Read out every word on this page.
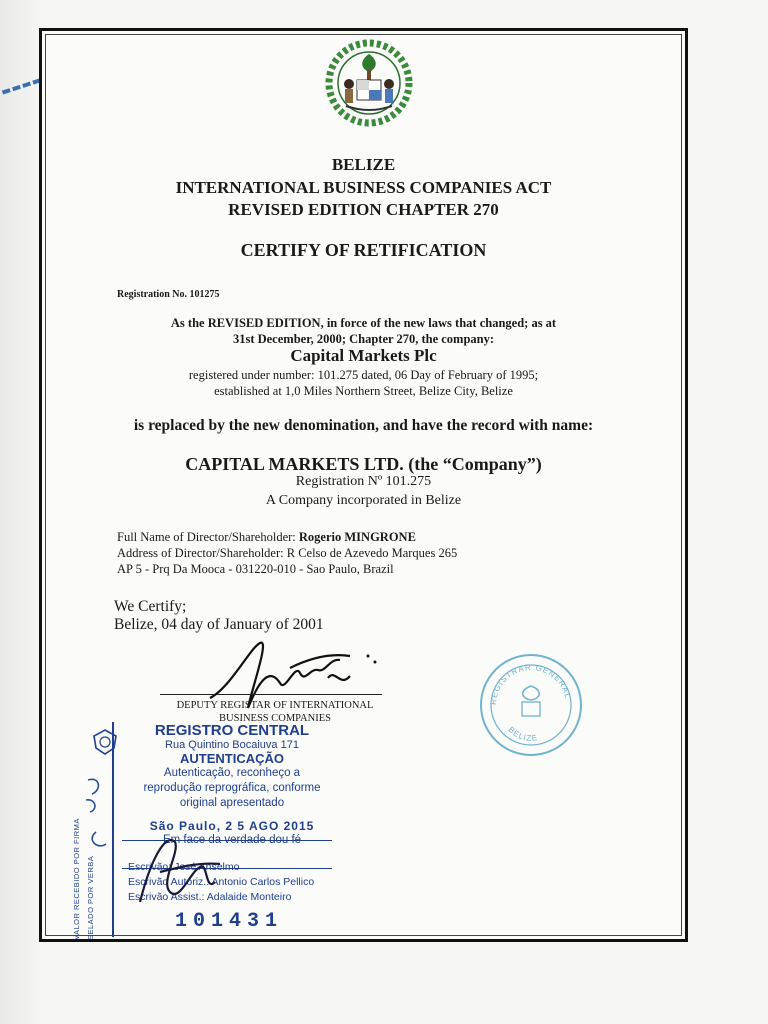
BELIZE
INTERNATIONAL BUSINESS COMPANIES ACT
REVISED EDITION CHAPTER 270
CERTIFY OF RETIFICATION
Registration No. 101275
As the REVISED EDITION, in force of the new laws that changed; as at
31st December, 2000; Chapter 270, the company:
Capital Markets Plc
registered under number: 101.275 dated, 06 Day of February of 1995;
established at 1,0 Miles Northern Street, Belize City, Belize
is replaced by the new denomination, and have the record with name:
CAPITAL MARKETS LTD. (the “Company”)
Registration Nº 101.275
A Company incorporated in Belize
Full Name of Director/Shareholder: Rogerio MINGRONE
Address of Director/Shareholder: R Celso de Azevedo Marques 265
AP 5 - Prq Da Mooca - 031220-010 - Sao Paulo, Brazil
We Certify;
Belize, 04 day of January of 2001
DEPUTY REGISTAR OF INTERNATIONAL
BUSINESS COMPANIES
REGISTRAR GENERAL
BELIZE
VALOR RECEBIDO POR FIRMA SELADO POR VERBA
REGISTRO CENTRAL
Rua Quintino Bocaiuva 171
AUTENTICAÇÃO
Autenticação, reconheço a
reprodução reprográfica, conforme
original apresentado
São Paulo, 2 5 AGO 2015
Em face da verdade dou fé
Escrivão: José Anselmo
Escrivão Autoriz.: Antonio Carlos Pellico
Escrivão Assist.: Adalaide Monteiro
101431
